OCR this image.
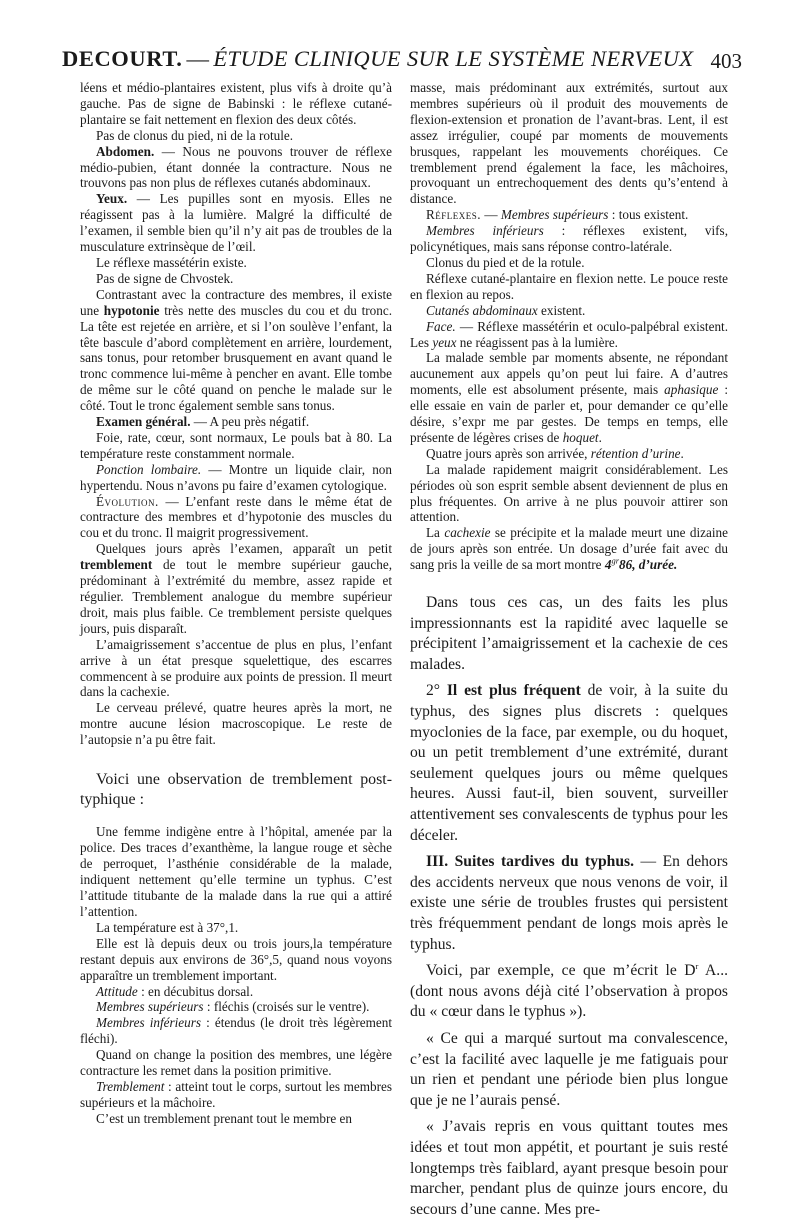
DECOURT. — ÉTUDE CLINIQUE SUR LE SYSTÈME NERVEUX 403

léens et médio-plantaires existent, plus vifs à droite qu’à gauche. Pas de signe de Babinski : le réflexe cutané-plantaire se fait nettement en flexion des deux côtés.

Pas de clonus du pied, ni de la rotule.

Abdomen. — Nous ne pouvons trouver de réflexe médio-pubien, étant donnée la contracture. Nous ne trouvons pas non plus de réflexes cutanés abdominaux.

Yeux. — Les pupilles sont en myosis. Elles ne réagissent pas à la lumière. Malgré la difficulté de l’examen, il semble bien qu’il n’y ait pas de troubles de la musculature extrinsèque de l’œil.

Le réflexe massétérin existe.

Pas de signe de Chvostek.

Contrastant avec la contracture des membres, il existe une hypotonie très nette des muscles du cou et du tronc. La tête est rejetée en arrière, et si l’on soulève l’enfant, la tête bascule d’abord complètement en arrière, lourdement, sans tonus, pour retomber brusquement en avant quand le tronc commence lui-même à pencher en avant. Elle tombe de même sur le côté quand on penche le malade sur le côté. Tout le tronc également semble sans tonus.

Examen général. — A peu près négatif.

Foie, rate, cœur, sont normaux, Le pouls bat à 80. La température reste constamment normale.

Ponction lombaire. — Montre un liquide clair, non hypertendu. Nous n’avons pu faire d’examen cytologique.

Évolution. — L’enfant reste dans le même état de contracture des membres et d’hypotonie des muscles du cou et du tronc. Il maigrit progressivement.

Quelques jours après l’examen, apparaît un petit tremblement de tout le membre supérieur gauche, prédominant à l’extrémité du membre, assez rapide et régulier. Tremblement analogue du membre supérieur droit, mais plus faible. Ce tremblement persiste quelques jours, puis disparaît.

L’amaigrissement s’accentue de plus en plus, l’enfant arrive à un état presque squelettique, des escarres commencent à se produire aux points de pression. Il meurt dans la cachexie.

Le cerveau prélevé, quatre heures après la mort, ne montre aucune lésion macroscopique. Le reste de l’autopsie n’a pu être fait.

Voici une observation de tremblement post-typhique :

Une femme indigène entre à l’hôpital, amenée par la police. Des traces d’exanthème, la langue rouge et sèche de perroquet, l’asthénie considérable de la malade, indiquent nettement qu’elle termine un typhus. C’est l’attitude titubante de la malade dans la rue qui a attiré l’attention.

La température est à 37°,1.

Elle est là depuis deux ou trois jours,la température restant depuis aux environs de 36°,5, quand nous voyons apparaître un tremblement important.

Attitude : en décubitus dorsal.

Membres supérieurs : fléchis (croisés sur le ventre).

Membres inférieurs : étendus (le droit très légèrement fléchi).

Quand on change la position des membres, une légère contracture les remet dans la position primitive.

Tremblement : atteint tout le corps, surtout les membres supérieurs et la mâchoire.

C’est un tremblement prenant tout le membre en

masse, mais prédominant aux extrémités, surtout aux membres supérieurs où il produit des mouvements de flexion-extension et pronation de l’avant-bras. Lent, il est assez irrégulier, coupé par moments de mouvements brusques, rappelant les mouvements choréiques. Ce tremblement prend également la face, les mâchoires, provoquant un entrechoquement des dents qu’s’entend à distance.

Réflexes. — Membres supérieurs : tous existent.

Membres inférieurs : réflexes existent, vifs, policynétiques, mais sans réponse contro-latérale.

Clonus du pied et de la rotule.

Réflexe cutané-plantaire en flexion nette. Le pouce reste en flexion au repos.

Cutanés abdominaux existent.

Face. — Réflexe massétérin et oculo-palpébral existent. Les yeux ne réagissent pas à la lumière.

La malade semble par moments absente, ne répondant aucunement aux appels qu’on peut lui faire. A d’autres moments, elle est absolument présente, mais aphasique : elle essaie en vain de parler et, pour demander ce qu’elle désire, s’expr me par gestes. De temps en temps, elle présente de légères crises de hoquet.

Quatre jours après son arrivée, rétention d’urine.

La malade rapidement maigrit considérablement. Les périodes où son esprit semble absent deviennent de plus en plus fréquentes. On arrive à ne plus pouvoir attirer son attention.

La cachexie se précipite et la malade meurt une dizaine de jours après son entrée. Un dosage d’urée fait avec du sang pris la veille de sa mort montre $4^{gr}86$, d’urée.

Dans tous ces cas, un des faits les plus impressionnants est la rapidité avec laquelle se précipitent l’amaigrissement et la cachexie de ces malades.

2° Il est plus fréquent de voir, à la suite du typhus, des signes plus discrets : quelques myoclonies de la face, par exemple, ou du hoquet, ou un petit tremblement d’une extrémité, durant seulement quelques jours ou même quelques heures. Aussi faut-il, bien souvent, surveiller attentivement ses convalescents de typhus pour les déceler.

III. Suites tardives du typhus. — En dehors des accidents nerveux que nous venons de voir, il existe une série de troubles frustes qui persistent très fréquemment pendant de longs mois après le typhus.

Voici, par exemple, ce que m’écrit le $D^r$ A... (dont nous avons déjà cité l’observation à propos du « cœur dans le typhus »).

« Ce qui a marqué surtout ma convalescence, c’est la facilité avec laquelle je me fatiguais pour un rien et pendant une période bien plus longue que je ne l’aurais pensé.

« J’avais repris en vous quittant toutes mes idées et tout mon appétit, et pourtant je suis resté longtemps très faiblard, ayant presque besoin pour marcher, pendant plus de quinze jours encore, du secours d’une canne. Mes pre-
